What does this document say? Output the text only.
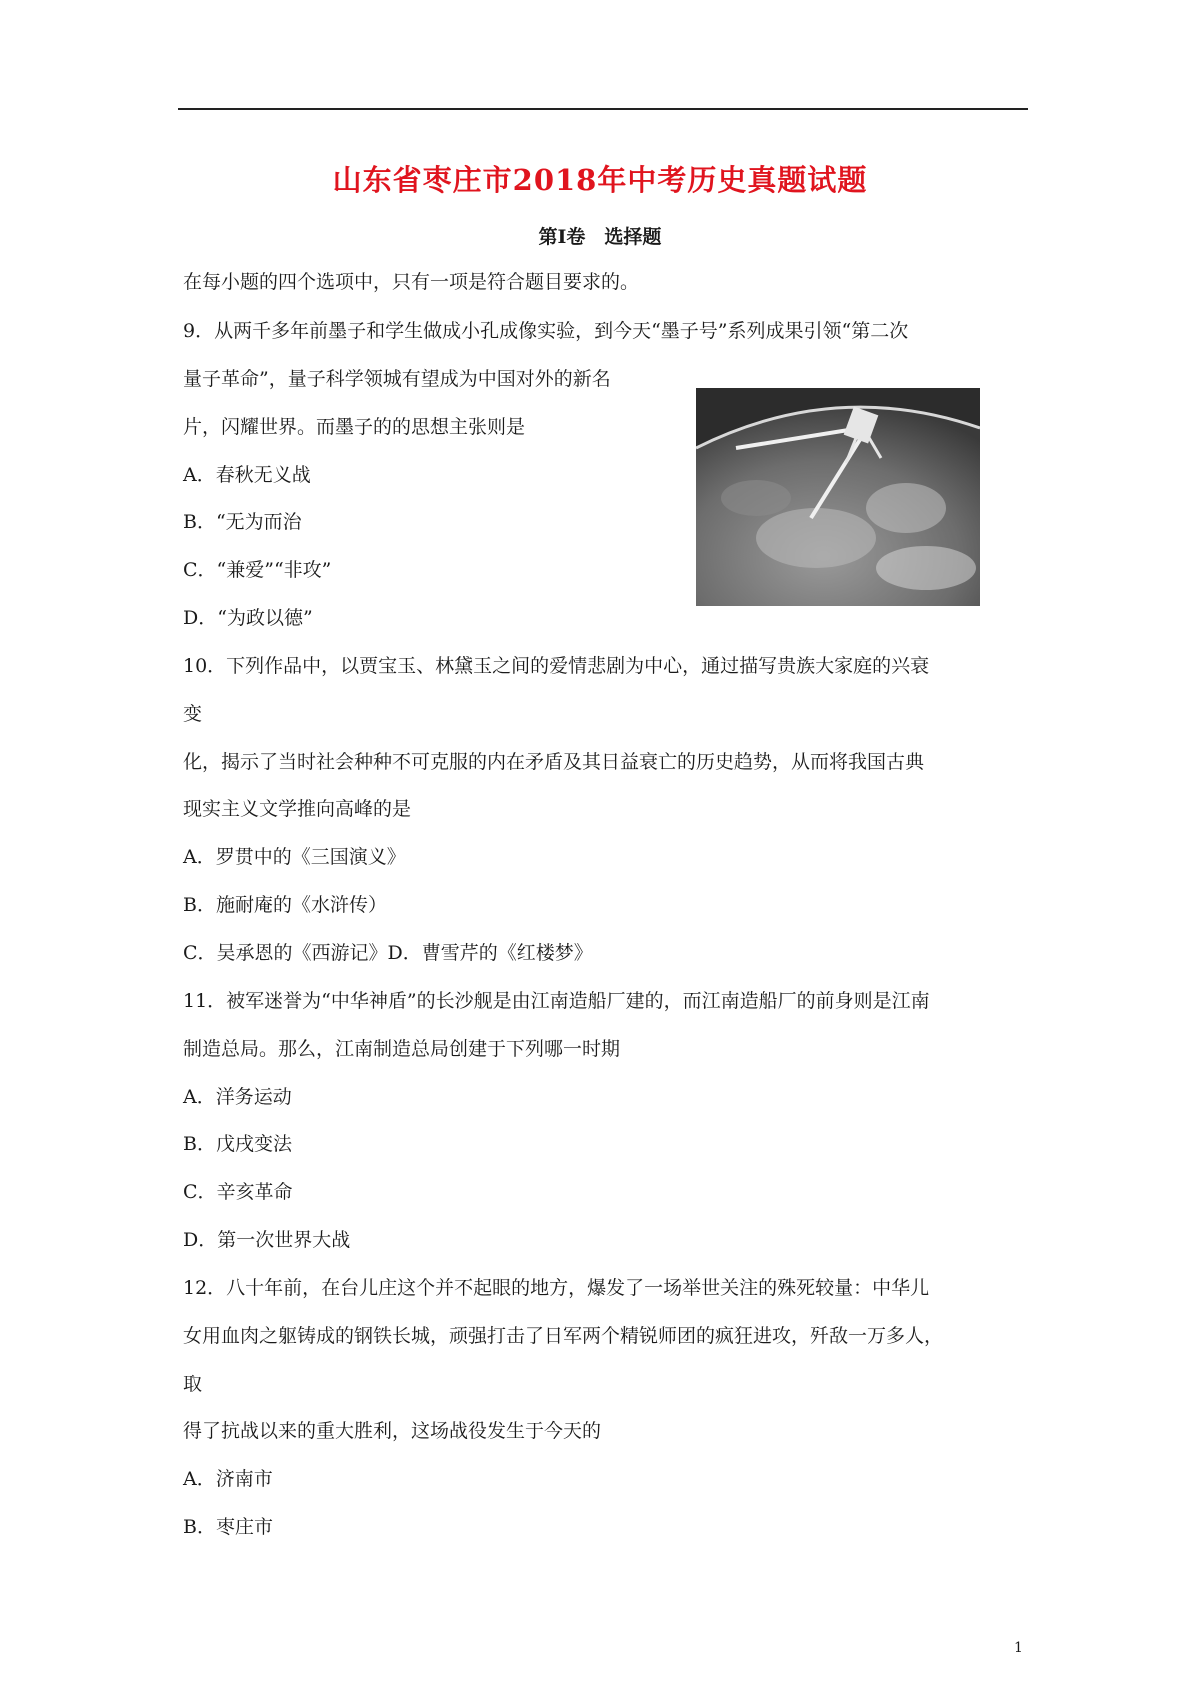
山东省枣庄市2018年中考历史真题试题
第Ⅰ卷　选择题
在每小题的四个选项中，只有一项是符合题目要求的。
9．从两千多年前墨子和学生做成小孔成像实验，到今天“墨子号”系列成果引领“第二次
量子革命”，量子科学领城有望成为中国对外的新名
片，闪耀世界。而墨子的的思想主张则是
A．春秋无义战
B．“无为而治
C．“兼爱”“非攻”
D．“为政以德”
10．下列作品中，以贾宝玉、林黛玉之间的爱情悲剧为中心，通过描写贵族大家庭的兴衰
变
化，揭示了当时社会种种不可克服的内在矛盾及其日益衰亡的历史趋势，从而将我国古典
现实主义文学推向高峰的是
A．罗贯中的《三国演义》
B．施耐庵的《水浒传）
C．吴承恩的《西游记》D．曹雪芹的《红楼梦》
11．被军迷誉为“中华神盾”的长沙舰是由江南造船厂建的，而江南造船厂的前身则是江南
制造总局。那么，江南制造总局创建于下列哪一时期
A．洋务运动
B．戊戌变法
C．辛亥革命
D．第一次世界大战
12．八十年前，在台儿庄这个并不起眼的地方，爆发了一场举世关注的殊死较量：中华儿
女用血肉之躯铸成的钢铁长城，顽强打击了日军两个精锐师团的疯狂进攻，歼敌一万多人，
取
得了抗战以来的重大胜利，这场战役发生于今天的
A．济南市
B．枣庄市
1
